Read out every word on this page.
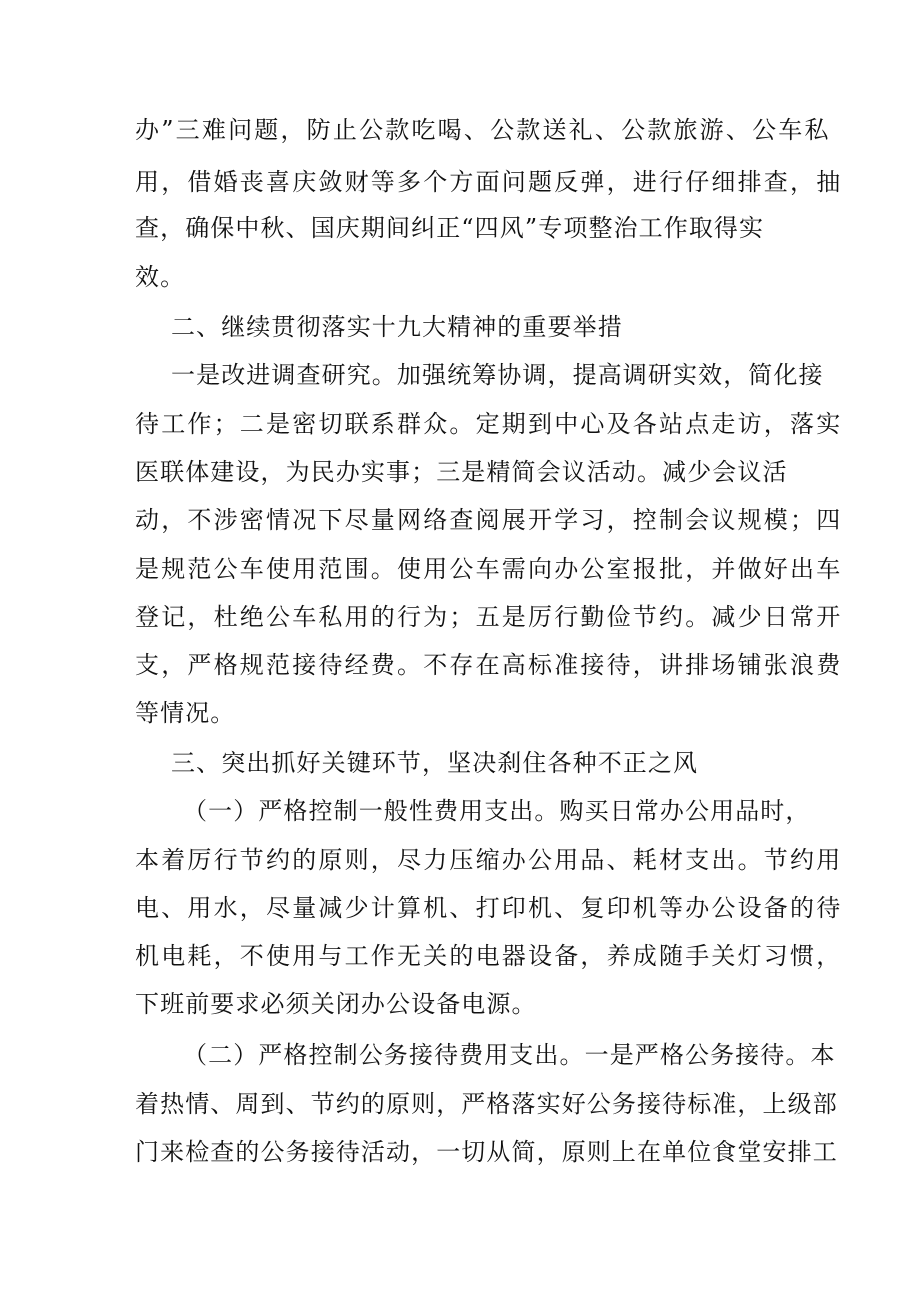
办”三难问题，防止公款吃喝、公款送礼、公款旅游、公车私
用，借婚丧喜庆敛财等多个方面问题反弹，进行仔细排查，抽
查，确保中秋、国庆期间纠正“四风”专项整治工作取得实
效。
二、继续贯彻落实十九大精神的重要举措
一是改进调查研究。加强统筹协调，提高调研实效，简化接
待工作；二是密切联系群众。定期到中心及各站点走访，落实
医联体建设，为民办实事；三是精简会议活动。减少会议活
动，不涉密情况下尽量网络查阅展开学习，控制会议规模；四
是规范公车使用范围。使用公车需向办公室报批，并做好出车
登记，杜绝公车私用的行为；五是厉行勤俭节约。减少日常开
支，严格规范接待经费。不存在高标准接待，讲排场铺张浪费
等情况。
三、突出抓好关键环节，坚决刹住各种不正之风
（一）严格控制一般性费用支出。购买日常办公用品时，
本着厉行节约的原则，尽力压缩办公用品、耗材支出。节约用
电、用水，尽量减少计算机、打印机、复印机等办公设备的待
机电耗，不使用与工作无关的电器设备，养成随手关灯习惯，
下班前要求必须关闭办公设备电源。
（二）严格控制公务接待费用支出。一是严格公务接待。本
着热情、周到、节约的原则，严格落实好公务接待标准，上级部
门来检查的公务接待活动，一切从简，原则上在单位食堂安排工
